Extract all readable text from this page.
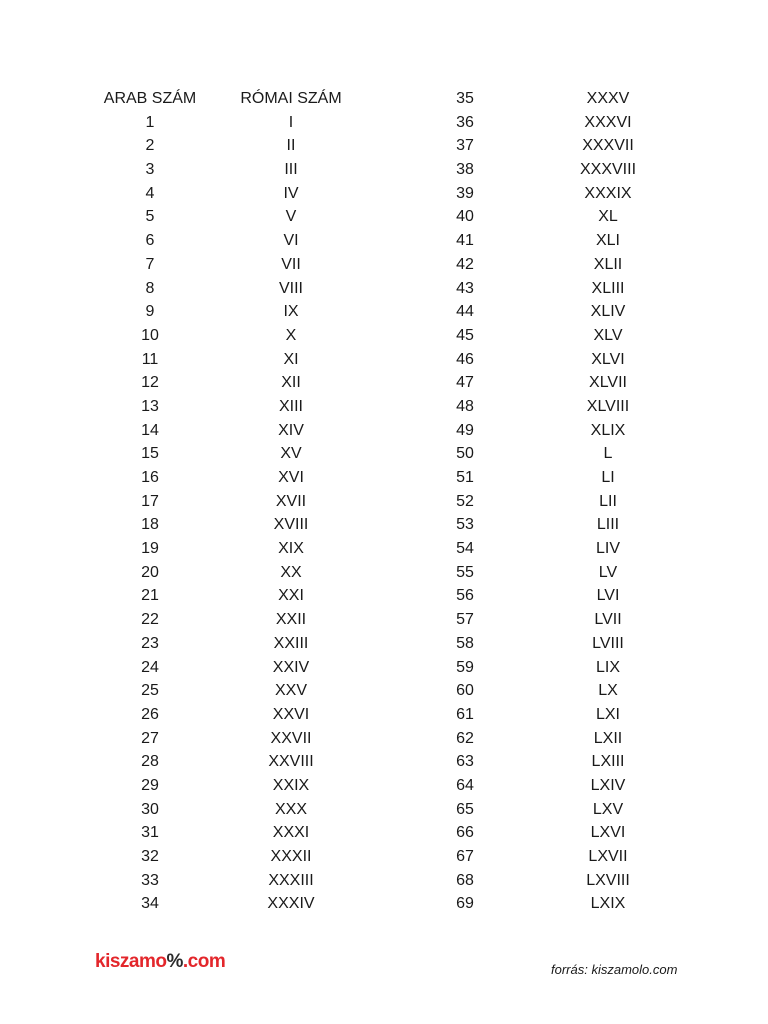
ARAB SZÁM
1
2
3
4
5
6
7
8
9
10
11
12
13
14
15
16
17
18
19
20
21
22
23
24
25
26
27
28
29
30
31
32
33
34
RÓMAI SZÁM
I
II
III
IV
V
VI
VII
VIII
IX
X
XI
XII
XIII
XIV
XV
XVI
XVII
XVIII
XIX
XX
XXI
XXII
XXIII
XXIV
XXV
XXVI
XXVII
XXVIII
XXIX
XXX
XXXI
XXXII
XXXIII
XXXIV
35
36
37
38
39
40
41
42
43
44
45
46
47
48
49
50
51
52
53
54
55
56
57
58
59
60
61
62
63
64
65
66
67
68
69
XXXV
XXXVI
XXXVII
XXXVIII
XXXIX
XL
XLI
XLII
XLIII
XLIV
XLV
XLVI
XLVII
XLVIII
XLIX
L
LI
LII
LIII
LIV
LV
LVI
LVII
LVIII
LIX
LX
LXI
LXII
LXIII
LXIV
LXV
LXVI
LXVII
LXVIII
LXIX
kiszamo%.com	forrás: kiszamolo.com
